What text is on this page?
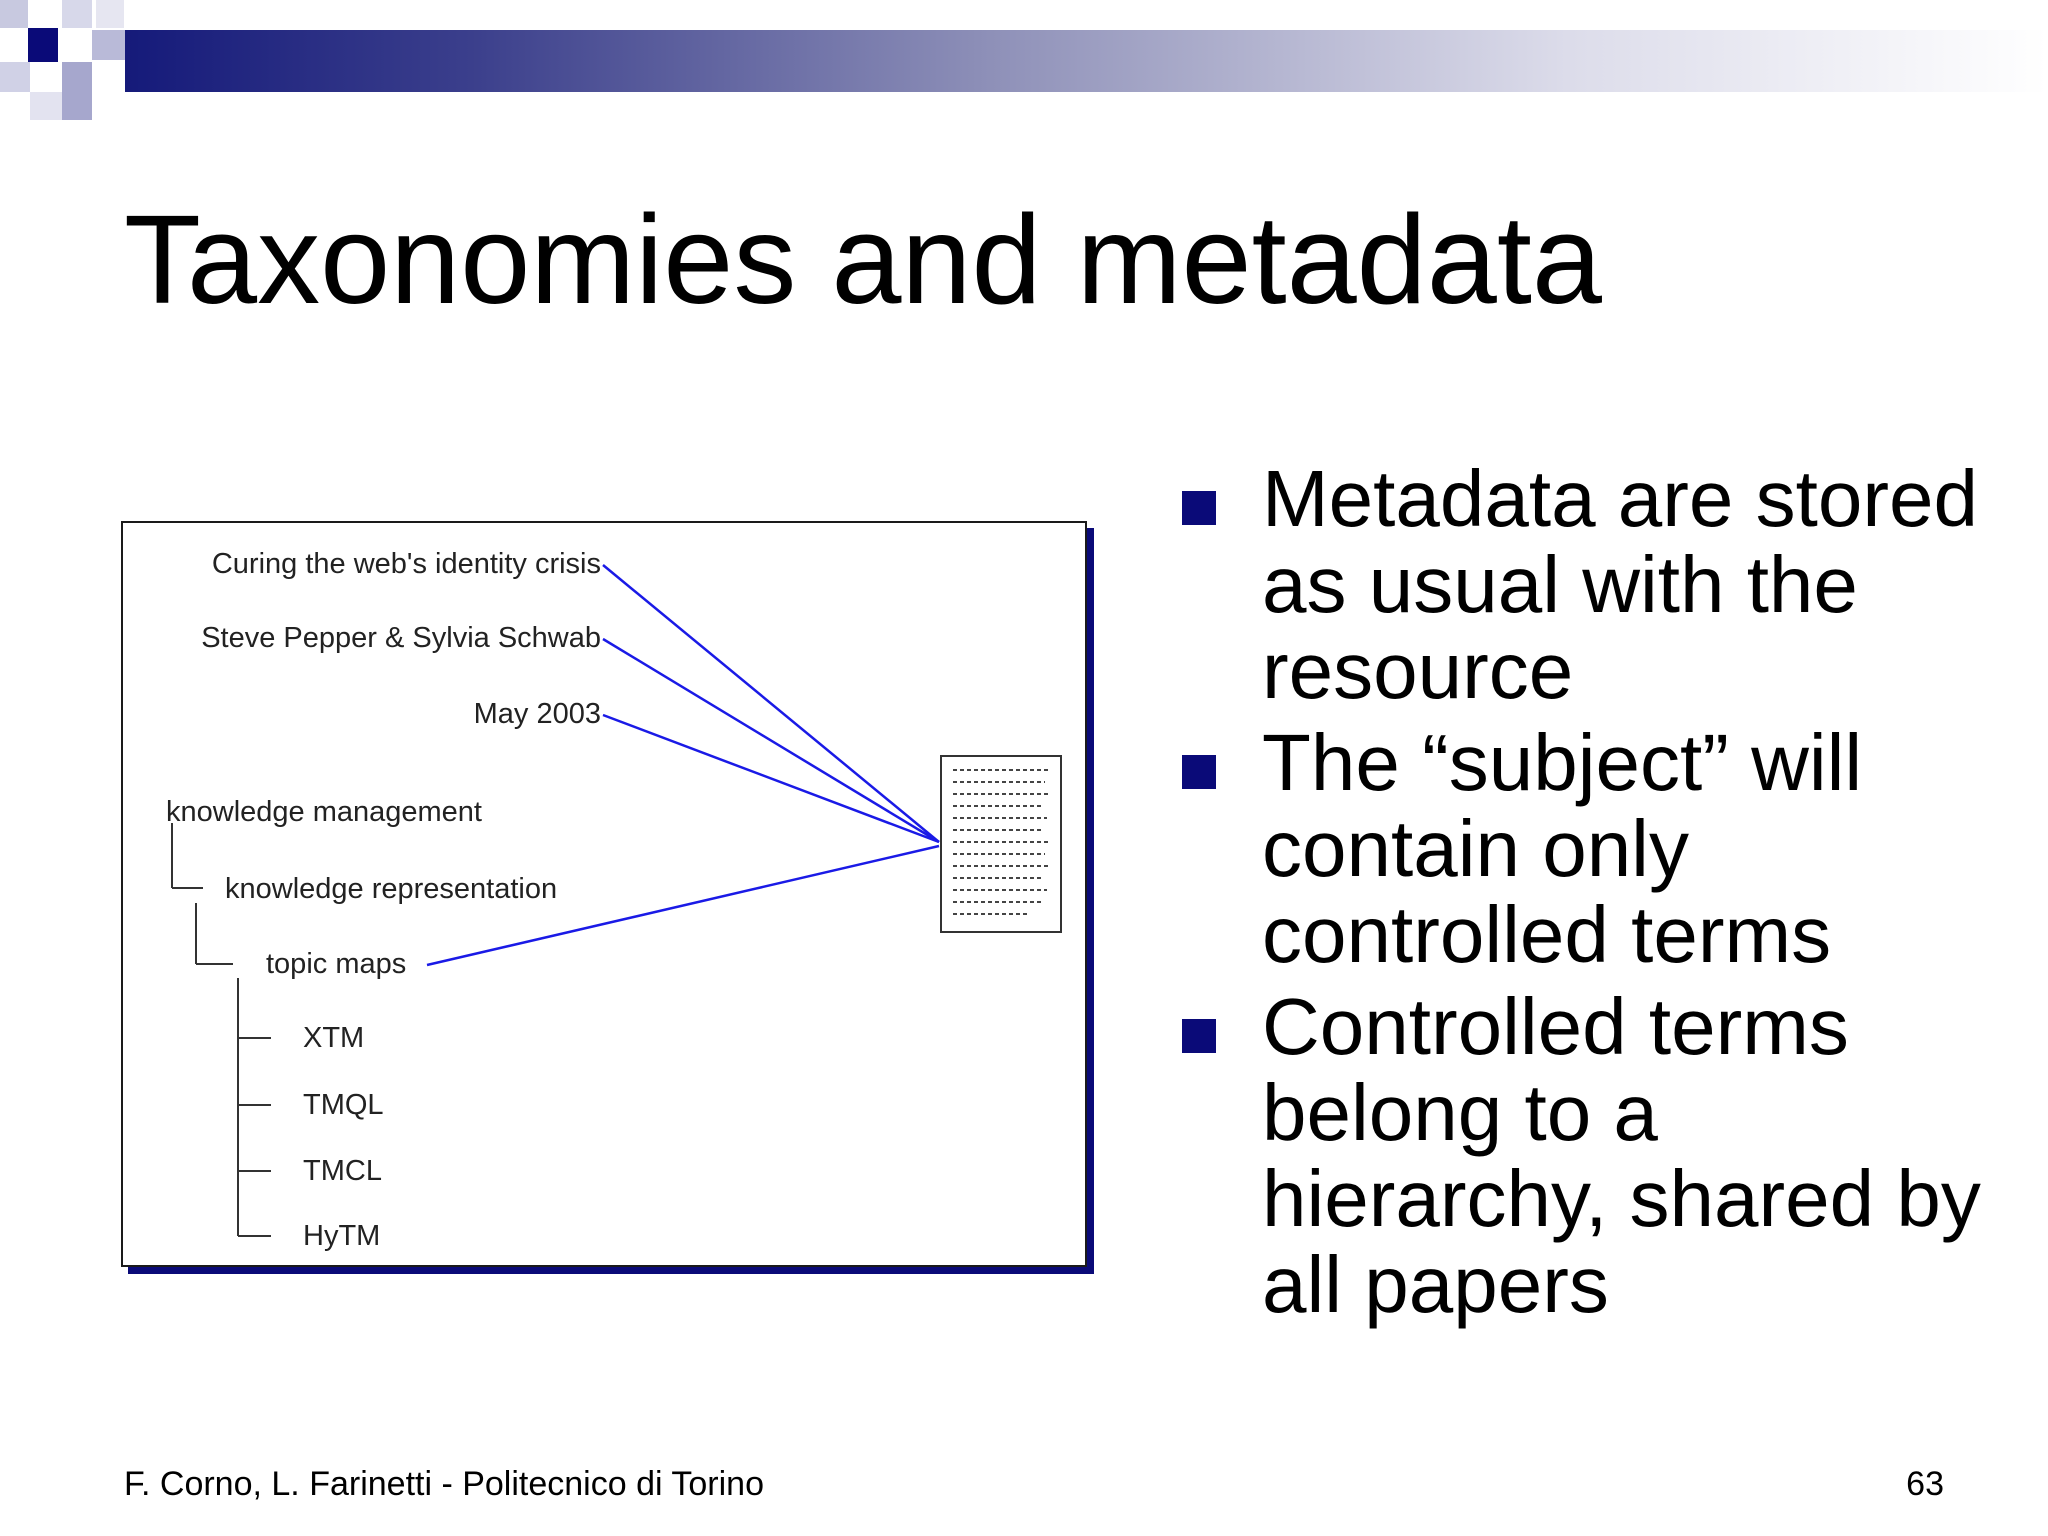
Taxonomies and metadata
Curing the web's identity crisis
Steve Pepper & Sylvia Schwab
May 2003
knowledge management
knowledge representation
topic maps
XTM
TMQL
TMCL
HyTM
Metadata are stored as usual with the resource
The “subject” will contain only controlled terms
Controlled terms belong to a hierarchy, shared by all papers
F. Corno, L. Farinetti - Politecnico di Torino	63
